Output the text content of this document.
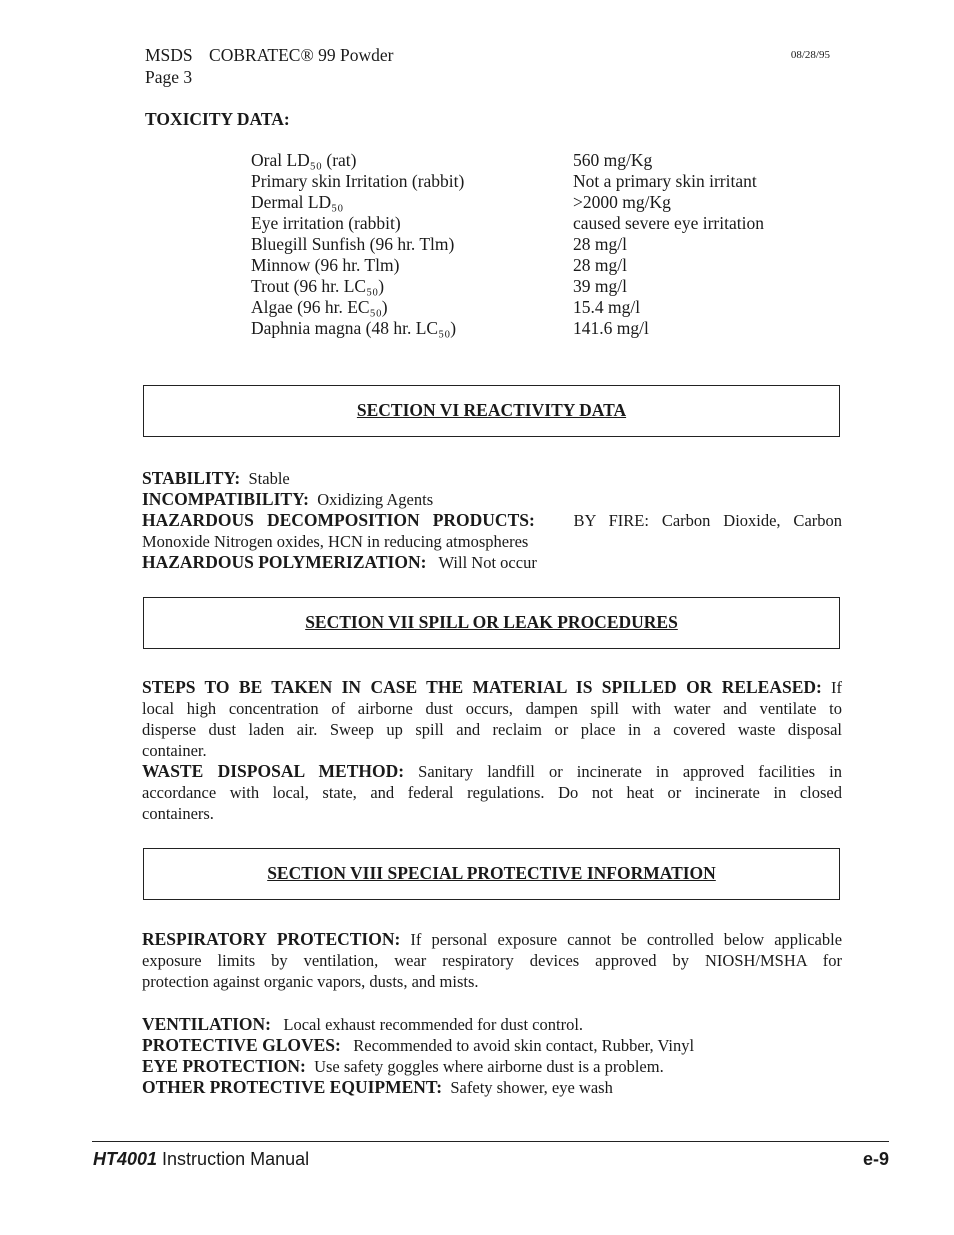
MSDS COBRATEC® 99 Powder
Page 3
08/28/95
TOXICITY DATA:
Oral LD₅₀ (rat)	560 mg/Kg
Primary skin Irritation (rabbit)	Not a primary skin irritant
Dermal LD₅₀	>2000 mg/Kg
Eye irritation (rabbit)	caused severe eye irritation
Bluegill Sunfish (96 hr. Tlm)	28 mg/l
Minnow (96 hr. Tlm)	28 mg/l
Trout (96 hr. LC₅₀)	39 mg/l
Algae (96 hr. EC₅₀)	15.4 mg/l
Daphnia magna (48 hr. LC₅₀)	141.6 mg/l
SECTION VI REACTIVITY DATA
STABILITY: Stable
INCOMPATIBILITY: Oxidizing Agents
HAZARDOUS DECOMPOSITION PRODUCTS: BY FIRE: Carbon Dioxide, Carbon
Monoxide Nitrogen oxides, HCN in reducing atmospheres
HAZARDOUS POLYMERIZATION: Will Not occur
SECTION VII SPILL OR LEAK PROCEDURES
STEPS TO BE TAKEN IN CASE THE MATERIAL IS SPILLED OR RELEASED: If
local high concentration of airborne dust occurs, dampen spill with water and ventilate to
disperse dust laden air. Sweep up spill and reclaim or place in a covered waste disposal
container.
WASTE DISPOSAL METHOD: Sanitary landfill or incinerate in approved facilities in
accordance with local, state, and federal regulations. Do not heat or incinerate in closed
containers.
SECTION VIII SPECIAL PROTECTIVE INFORMATION
RESPIRATORY PROTECTION: If personal exposure cannot be controlled below applicable
exposure limits by ventilation, wear respiratory devices approved by NIOSH/MSHA for
protection against organic vapors, dusts, and mists.
VENTILATION: Local exhaust recommended for dust control.
PROTECTIVE GLOVES: Recommended to avoid skin contact, Rubber, Vinyl
EYE PROTECTION: Use safety goggles where airborne dust is a problem.
OTHER PROTECTIVE EQUIPMENT: Safety shower, eye wash
HT4001 Instruction Manual	e-9
